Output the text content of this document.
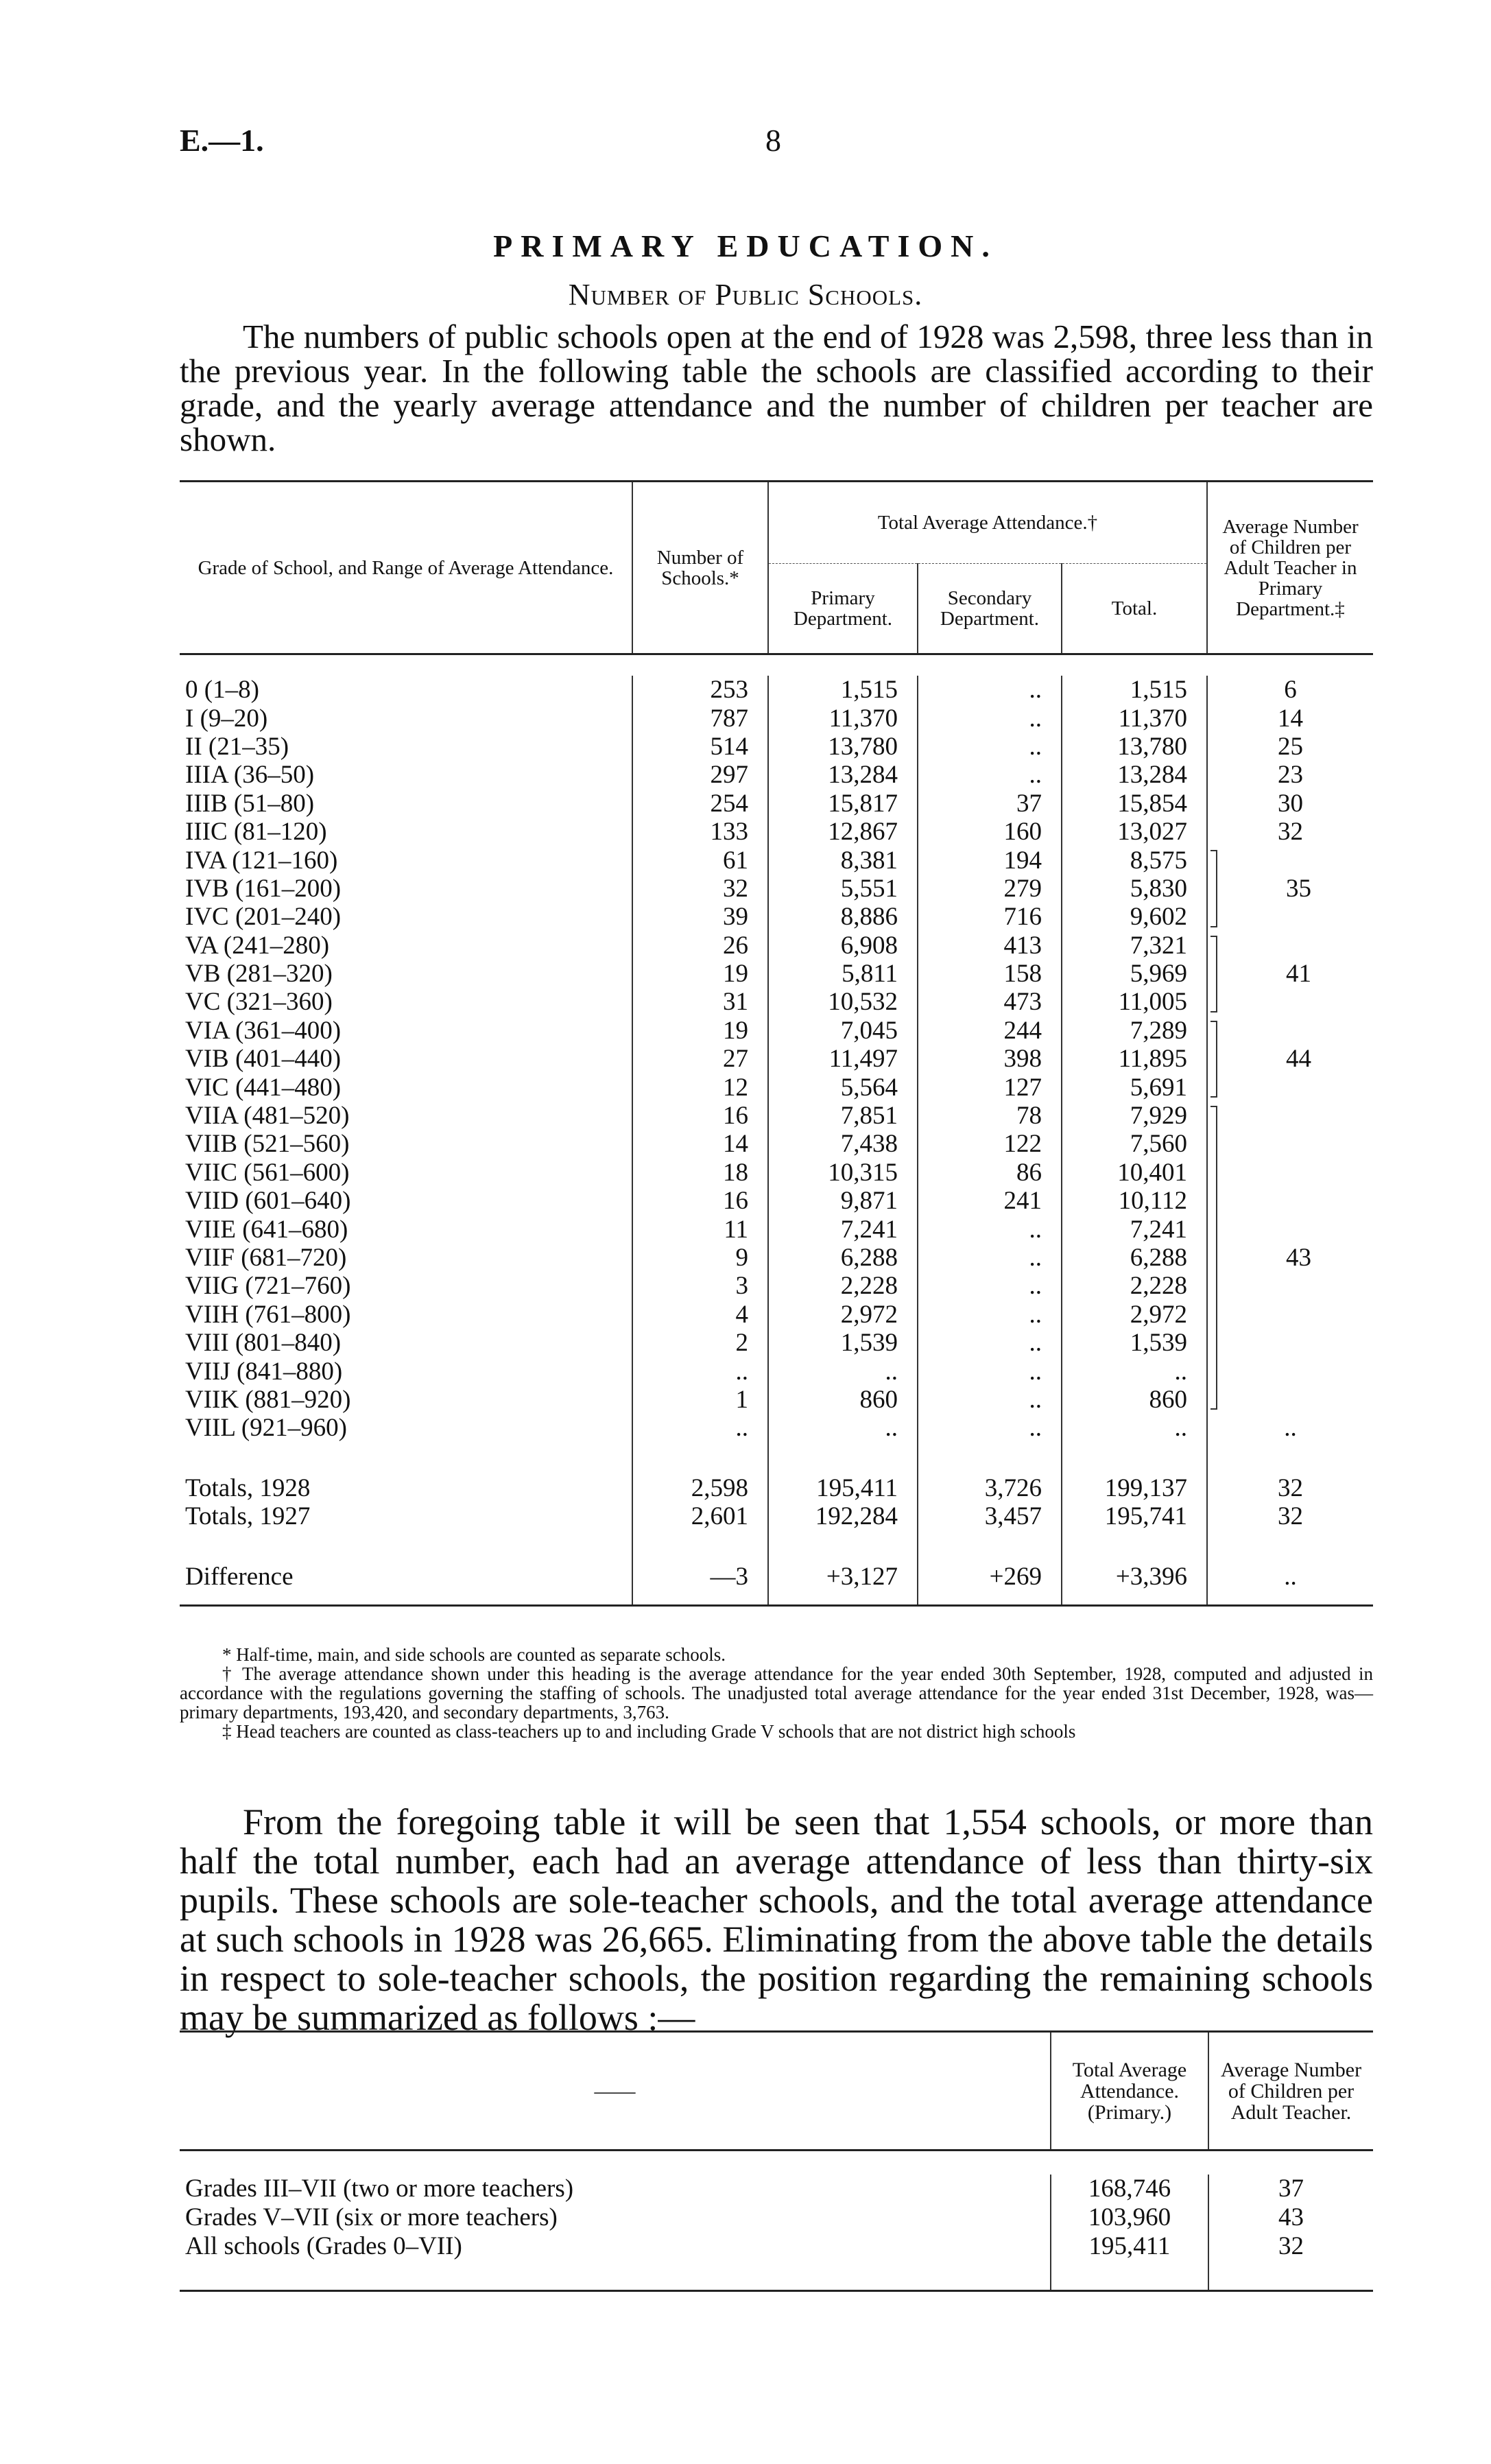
E.—1.	8
PRIMARY EDUCATION.
Number of Public Schools.
The numbers of public schools open at the end of 1928 was 2,598, three less than in the previous year. In the following table the schools are classified according to their grade, and the yearly average attendance and the number of children per teacher are shown.
Grade of School, and Range of Average Attendance.	Number of Schools.*	Total Average Attendance.†			Average Number of Children per Adult Teacher in Primary Department.‡
		Primary Department.	Secondary Department.	Total.	

0 (1–8)	253	1,515	..	1,515	6
I (9–20)	787	11,370	..	11,370	14
II (21–35)	514	13,780	..	13,780	25
IIIA (36–50)	297	13,284	..	13,284	23
IIIB (51–80)	254	15,817	37	15,854	30
IIIC (81–120)	133	12,867	160	13,027	32
IVA (121–160)	61	8,381	194	8,575	35
IVB (161–200)	32	5,551	279	5,830	
IVC (201–240)	39	8,886	716	9,602	
VA (241–280)	26	6,908	413	7,321	41
VB (281–320)	19	5,811	158	5,969	
VC (321–360)	31	10,532	473	11,005	
VIA (361–400)	19	7,045	244	7,289	44
VIB (401–440)	27	11,497	398	11,895	
VIC (441–480)	12	5,564	127	5,691	
VIIA (481–520)	16	7,851	78	7,929	43
VIIB (521–560)	14	7,438	122	7,560	
VIIC (561–600)	18	10,315	86	10,401	
VIID (601–640)	16	9,871	241	10,112	
VIIE (641–680)	11	7,241	..	7,241	
VIIF (681–720)	9	6,288	..	6,288	
VIIG (721–760)	3	2,228	..	2,228	
VIIH (761–800)	4	2,972	..	2,972	
VIII (801–840)	2	1,539	..	1,539	
VIIJ (841–880)	..	..	..	..	
VIIK (881–920)	1	860	..	860	
VIIL (921–960)	..	..	..	..	..

Totals, 1928	2,598	195,411	3,726	199,137	32
Totals, 1927	2,601	192,284	3,457	195,741	32

Difference	—3	+3,127	+269	+3,396	..

* Half-time, main, and side schools are counted as separate schools.

† The average attendance shown under this heading is the average attendance for the year ended 30th September, 1928, computed and adjusted in accordance with the regulations governing the staffing of schools. The unadjusted total average attendance for the year ended 31st December, 1928, was—primary departments, 193,420, and secondary departments, 3,763.

‡ Head teachers are counted as class-teachers up to and including Grade V schools that are not district high schools

From the foregoing table it will be seen that 1,554 schools, or more than half the total number, each had an average attendance of less than thirty-six pupils. These schools are sole-teacher schools, and the total average attendance at such schools in 1928 was 26,665. Eliminating from the above table the details in respect to sole-teacher schools, the position regarding the remaining schools may be summarized as follows :—
——	Total Average Attendance. (Primary.)	Average Number of Children per Adult Teacher.

Grades III–VII (two or more teachers)	168,746	37
Grades V–VII (six or more teachers)	103,960	43
All schools (Grades 0–VII)	195,411	32
